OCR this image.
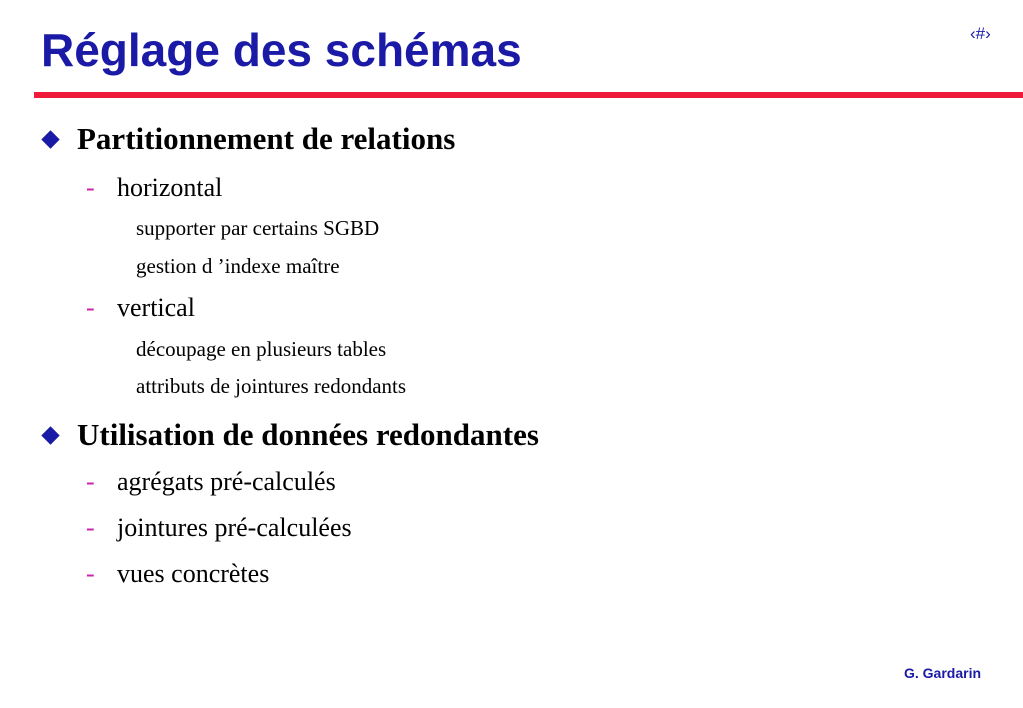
Réglage des schémas	‹#›
Partitionnement de relations
- horizontal
supporter par certains SGBD
gestion d ’indexe maître
- vertical
découpage en plusieurs tables
attributs de jointures redondants
Utilisation de données redondantes
- agrégats pré-calculés
- jointures pré-calculées
- vues concrètes
G. Gardarin
